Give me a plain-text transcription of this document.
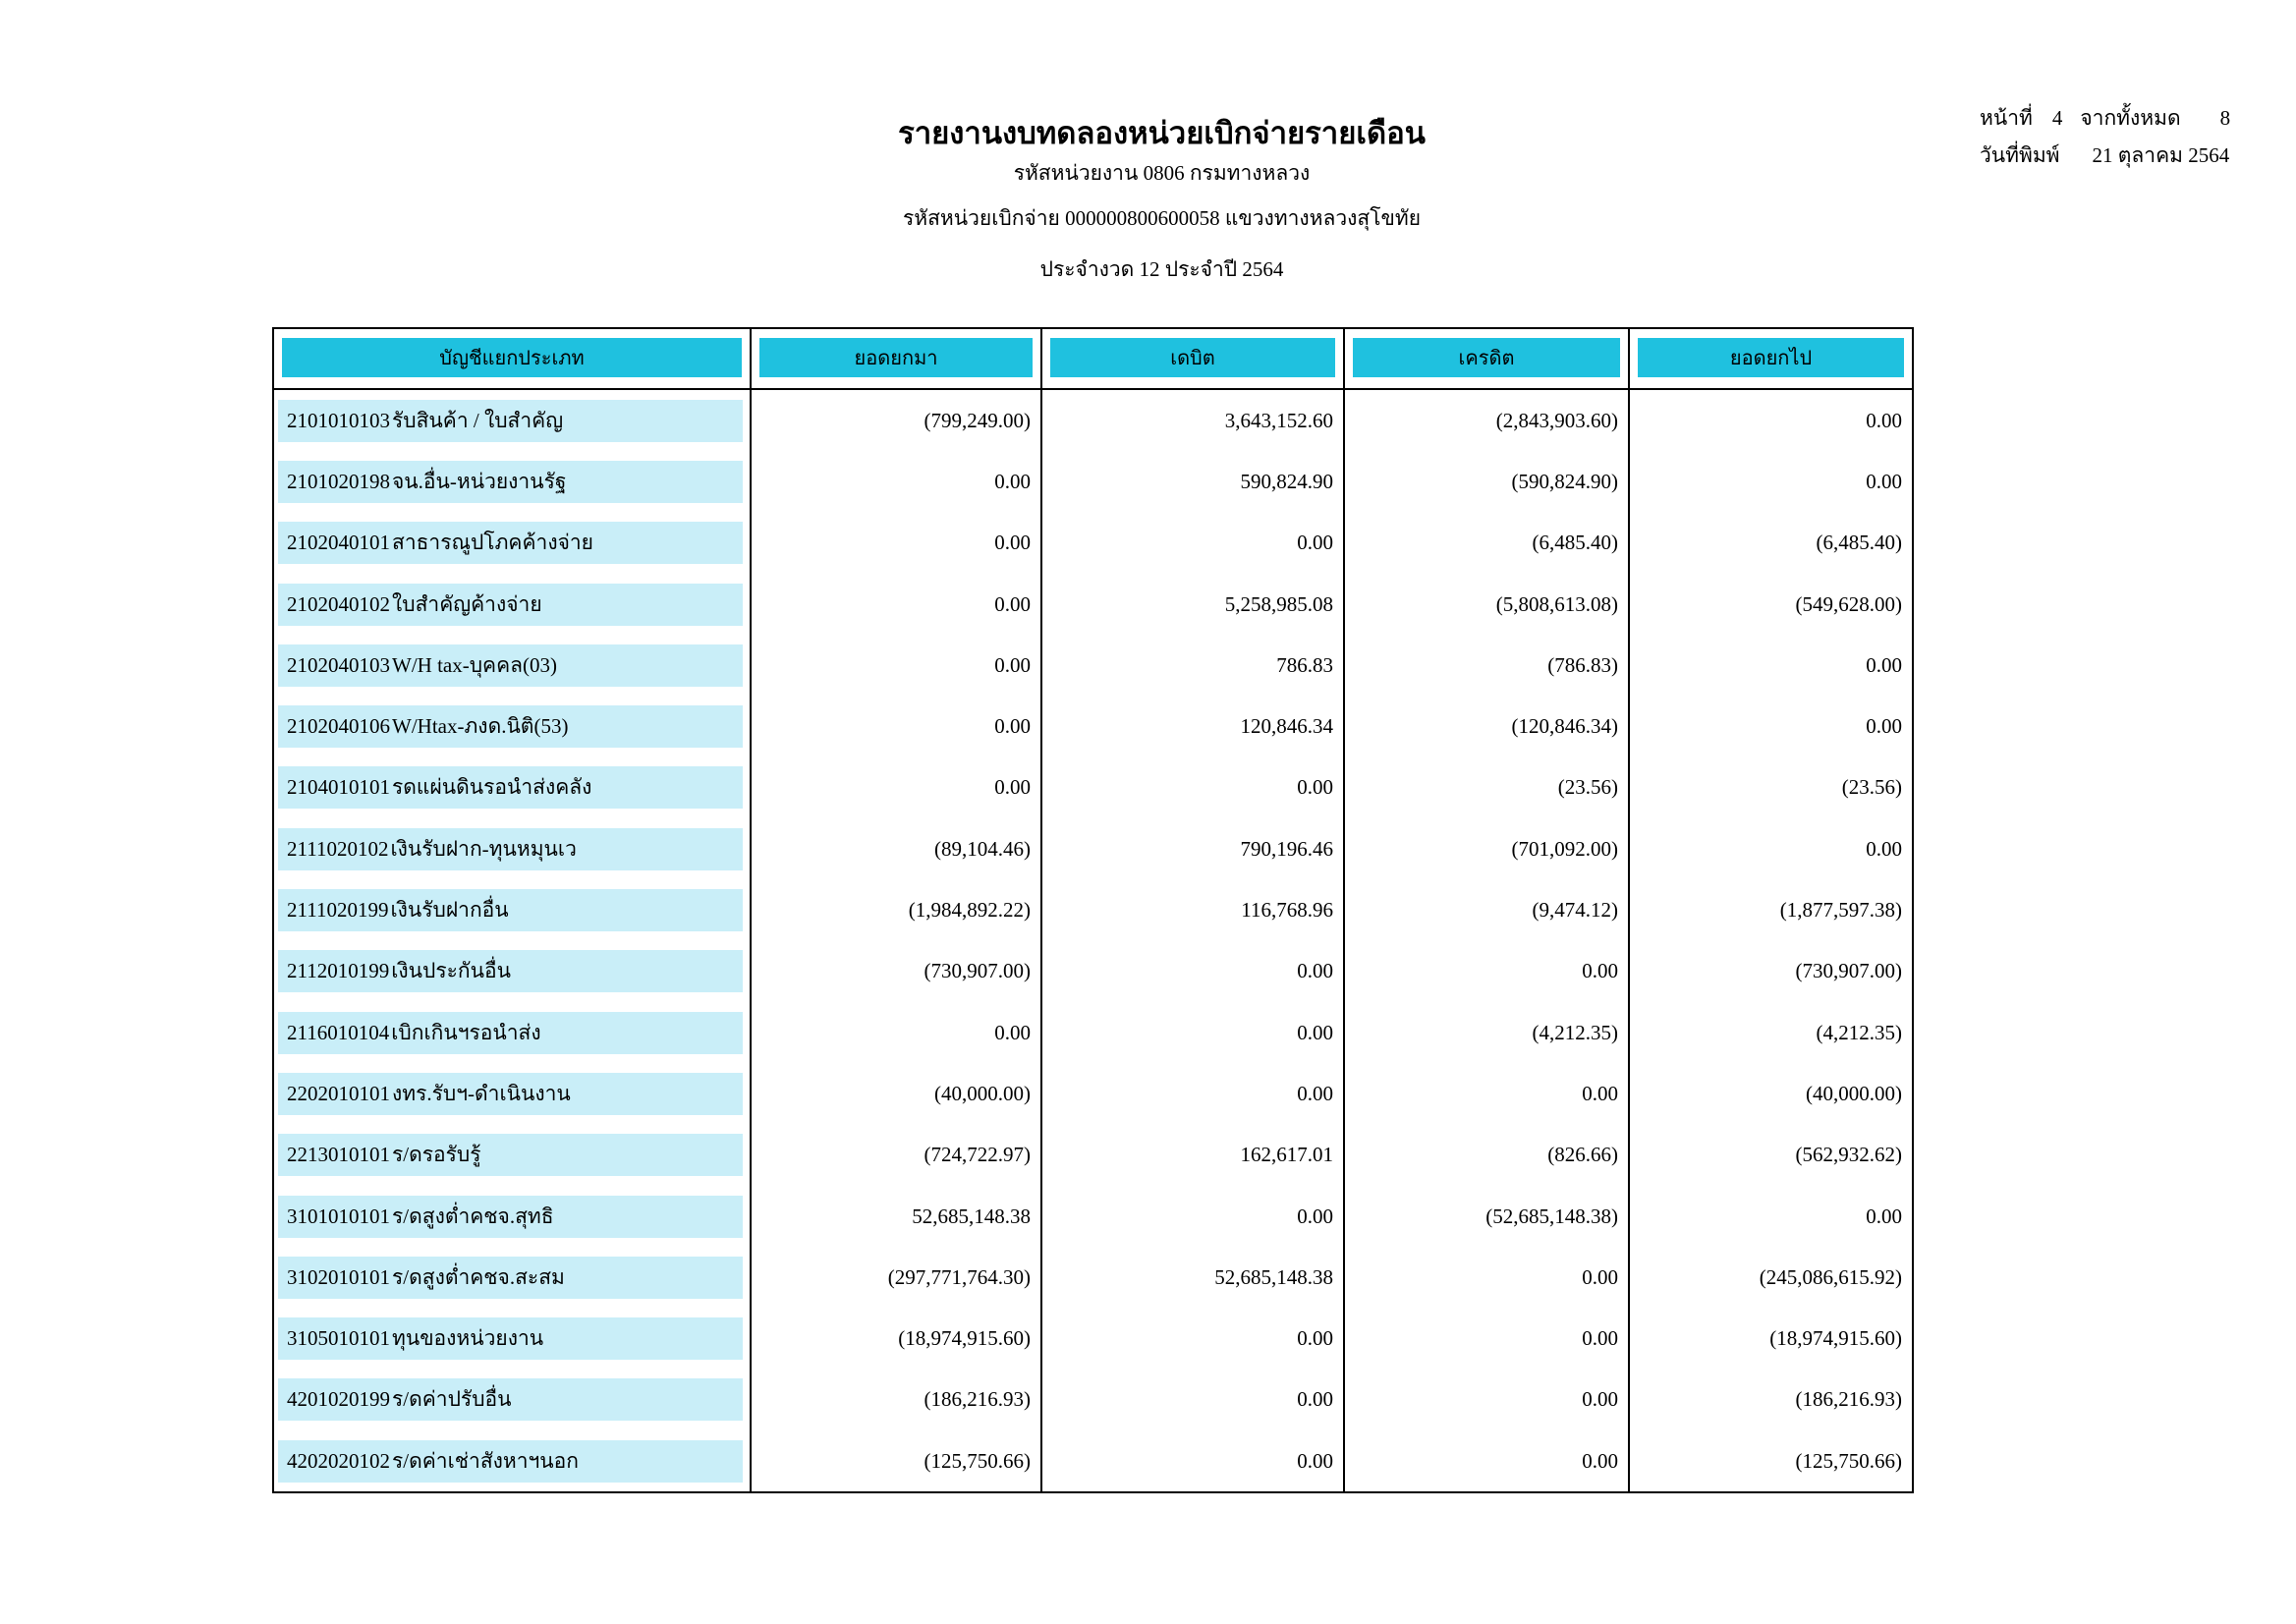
รายงานงบทดลองหน่วยเบิกจ่ายรายเดือน
รหัสหน่วยงาน 0806 กรมทางหลวง
รหัสหน่วยเบิกจ่าย 000000800600058 แขวงทางหลวงสุโขทัย
ประจำงวด 12 ประจำปี 2564
หน้าที่ 4 จากทั้งหมด 8
วันที่พิมพ์ 21 ตุลาคม 2564
บัญชีแยกประเภท	ยอดยกมา	เดบิต	เครดิต	ยอดยกไป
2101010103 รับสินค้า / ใบสำคัญ	(799,249.00)	3,643,152.60	(2,843,903.60)	0.00
2101020198 จน.อื่น-หน่วยงานรัฐ	0.00	590,824.90	(590,824.90)	0.00
2102040101 สาธารณูปโภคค้างจ่าย	0.00	0.00	(6,485.40)	(6,485.40)
2102040102 ใบสำคัญค้างจ่าย	0.00	5,258,985.08	(5,808,613.08)	(549,628.00)
2102040103 W/H tax-บุคคล(03)	0.00	786.83	(786.83)	0.00
2102040106 W/Htax-ภงด.นิติ(53)	0.00	120,846.34	(120,846.34)	0.00
2104010101 รดแผ่นดินรอนำส่งคลัง	0.00	0.00	(23.56)	(23.56)
2111020102 เงินรับฝาก-ทุนหมุนเว	(89,104.46)	790,196.46	(701,092.00)	0.00
2111020199 เงินรับฝากอื่น	(1,984,892.22)	116,768.96	(9,474.12)	(1,877,597.38)
2112010199 เงินประกันอื่น	(730,907.00)	0.00	0.00	(730,907.00)
2116010104 เบิกเกินฯรอนำส่ง	0.00	0.00	(4,212.35)	(4,212.35)
2202010101 งทร.รับฯ-ดำเนินงาน	(40,000.00)	0.00	0.00	(40,000.00)
2213010101 ร/ดรอรับรู้	(724,722.97)	162,617.01	(826.66)	(562,932.62)
3101010101 ร/ดสูงต่ำคชจ.สุทธิ	52,685,148.38	0.00	(52,685,148.38)	0.00
3102010101 ร/ดสูงต่ำคชจ.สะสม	(297,771,764.30)	52,685,148.38	0.00	(245,086,615.92)
3105010101 ทุนของหน่วยงาน	(18,974,915.60)	0.00	0.00	(18,974,915.60)
4201020199 ร/ดค่าปรับอื่น	(186,216.93)	0.00	0.00	(186,216.93)
4202020102 ร/ดค่าเช่าสังหาฯนอก	(125,750.66)	0.00	0.00	(125,750.66)
